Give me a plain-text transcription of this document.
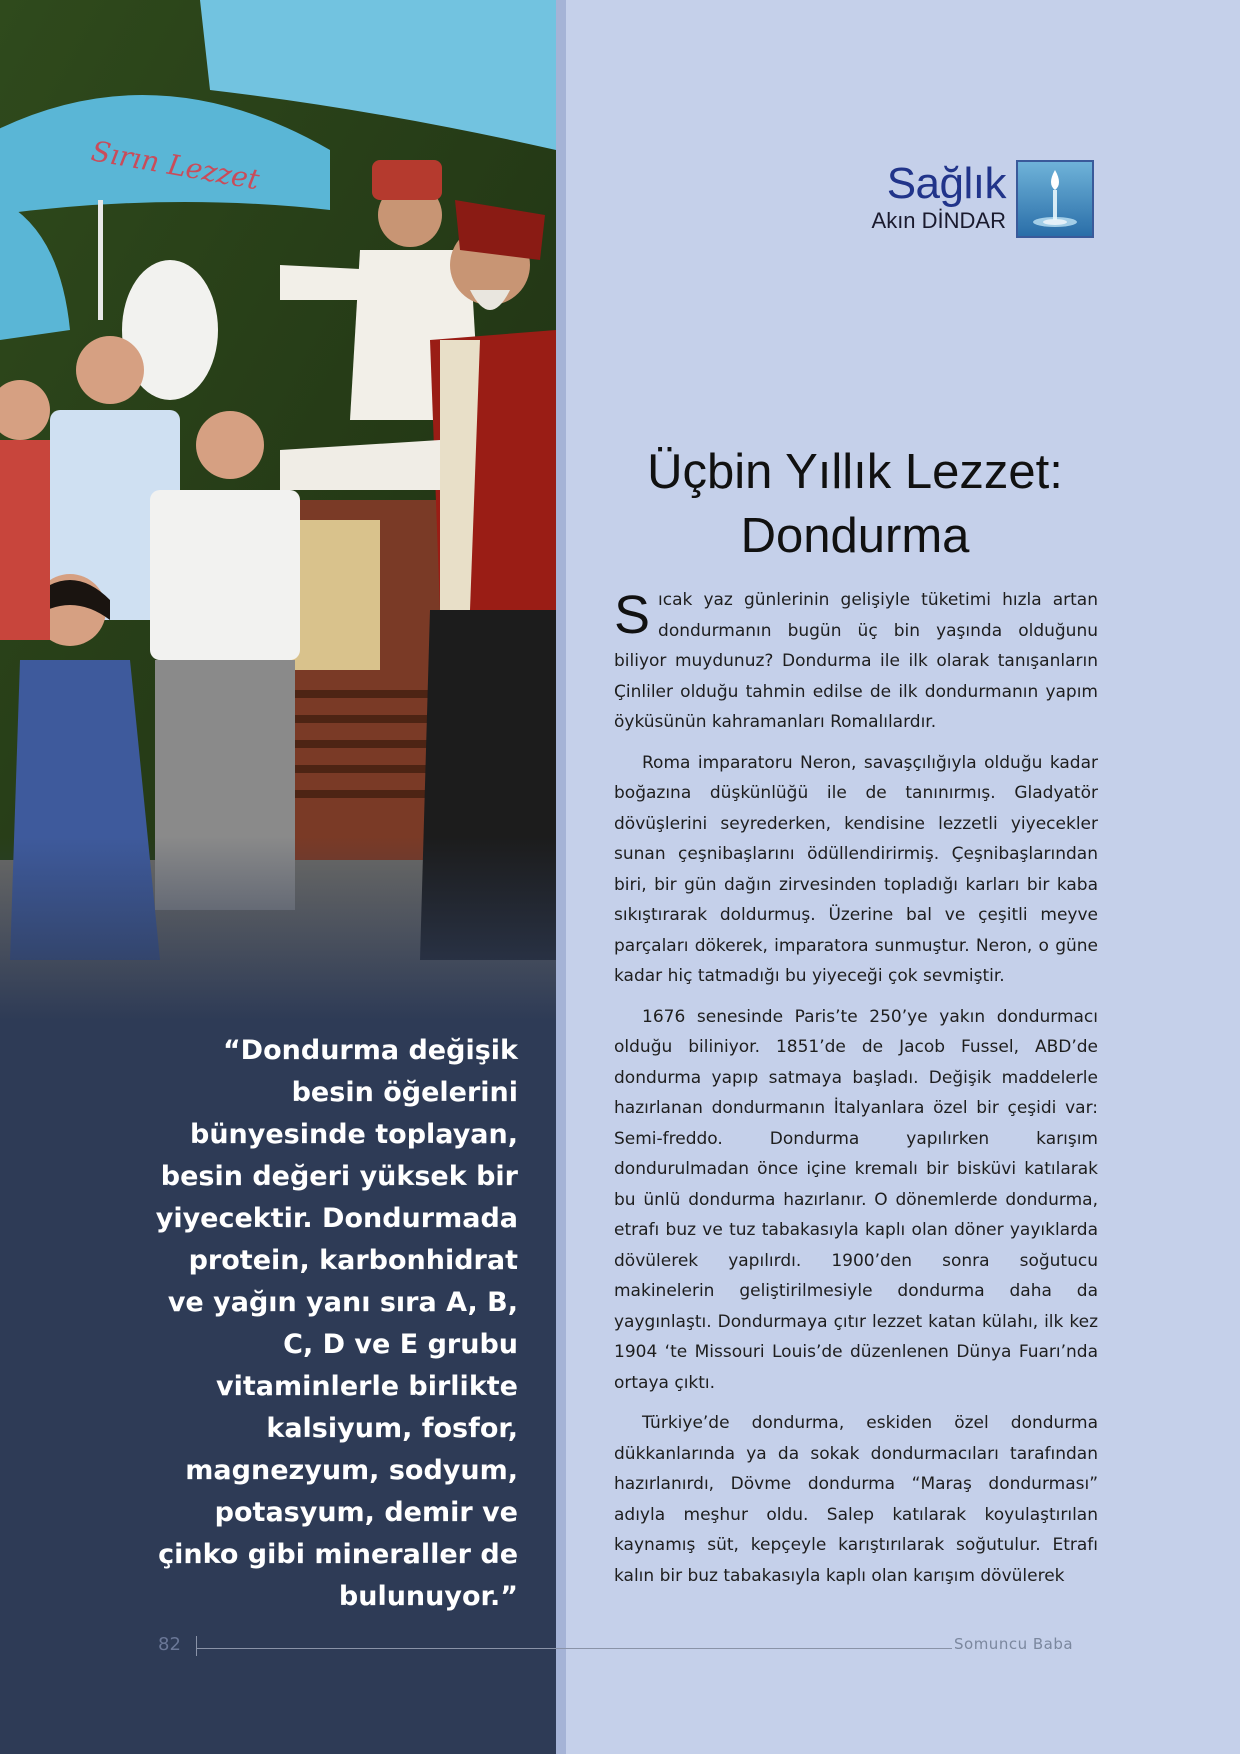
“Dondurma değişik besin öğelerini bünyesinde toplayan, besin değeri yüksek bir yiyecektir. Dondurmada protein, karbonhidrat ve yağın yanı sıra A, B, C, D ve E grubu vitaminlerle birlikte kalsiyum, fosfor, magnezyum, sodyum, potasyum, demir ve çinko gibi mineraller de bulunuyor.”
Sağlık
Akın DİNDAR
Üçbin Yıllık Lezzet:
Dondurma

Sıcak yaz günlerinin gelişiyle tüketimi hızla artan dondurmanın bugün üç bin yaşında olduğunu biliyor muydunuz? Dondurma ile ilk olarak tanışanların Çinliler olduğu tahmin edilse de ilk dondurmanın yapım öyküsünün kahramanları Romalılardır.

Roma imparatoru Neron, savaşçılığıyla olduğu kadar boğazına düşkünlüğü ile de tanınırmış. Gladyatör dövüşlerini seyrederken, kendisine lezzetli yiyecekler sunan çeşnibaşlarını ödüllendirirmiş. Çeşnibaşlarından biri, bir gün dağın zirvesinden topladığı karları bir kaba sıkıştırarak doldurmuş. Üzerine bal ve çeşitli meyve parçaları dökerek, imparatora sunmuştur. Neron, o güne kadar hiç tatmadığı bu yiyeceği çok sevmiştir.

1676 senesinde Paris’te 250’ye yakın dondurmacı olduğu biliniyor. 1851’de de Jacob Fussel, ABD’de dondurma yapıp satmaya başladı. Değişik maddelerle hazırlanan dondurmanın İtalyanlara özel bir çeşidi var: Semi-freddo. Dondurma yapılırken karışım dondurulmadan önce içine kremalı bir bisküvi katılarak bu ünlü dondurma hazırlanır. O dönemlerde dondurma, etrafı buz ve tuz tabakasıyla kaplı olan döner yayıklarda dövülerek yapılırdı. 1900’den sonra soğutucu makinelerin geliştirilmesiyle dondurma daha da yaygınlaştı. Dondurmaya çıtır lezzet katan külahı, ilk kez 1904 ‘te Missouri Louis’de düzenlenen Dünya Fuarı’nda ortaya çıktı.

Türkiye’de dondurma, eskiden özel dondurma dükkanlarında ya da sokak dondurmacıları tarafından hazırlanırdı, Dövme dondurma “Maraş dondurması” adıyla meşhur oldu. Salep katılarak koyulaştırılan kaynamış süt, kepçeyle karıştırılarak soğutulur. Etrafı kalın bir buz tabakasıyla kaplı olan karışım dövülerek

82	Somuncu Baba
